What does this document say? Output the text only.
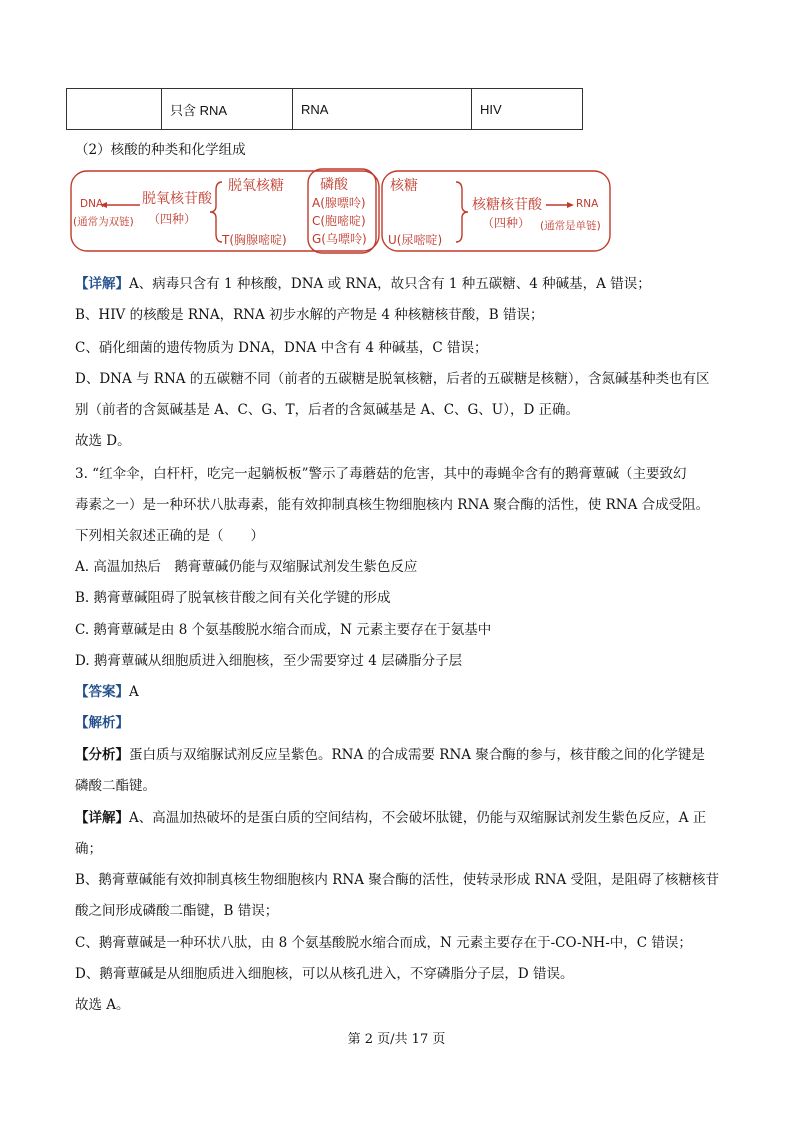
	只含 RNA	RNA	HIV
（2）核酸的种类和化学组成
DNA
(通常为双链)
脱氧核苷酸
（四种）
脱氧核糖
T(胸腺嘧啶)
磷酸
A(腺嘌呤)
C(胞嘧啶)
G(乌嘌呤)
核糖
U(尿嘧啶)
核糖核苷酸
（四种）
RNA
(通常是单链)
【详解】A、病毒只含有 1 种核酸，DNA 或 RNA，故只含有 1 种五碳糖、4 种碱基，A 错误；
B、HIV 的核酸是 RNA，RNA 初步水解的产物是 4 种核糖核苷酸，B 错误；
C、硝化细菌的遗传物质为 DNA，DNA 中含有 4 种碱基，C 错误；
D、DNA 与 RNA 的五碳糖不同（前者的五碳糖是脱氧核糖，后者的五碳糖是核糖），含氮碱基种类也有区
别（前者的含氮碱基是 A、C、G、T，后者的含氮碱基是 A、C、G、U），D 正确。
故选 D。
3. “红伞伞，白杆杆，吃完一起躺板板”警示了毒蘑菇的危害，其中的毒蝇伞含有的鹅膏蕈碱（主要致幻
毒素之一）是一种环状八肽毒素，能有效抑制真核生物细胞核内 RNA 聚合酶的活性，使 RNA 合成受阻。
下列相关叙述正确的是（　　）
A. 高温加热后　鹅膏蕈碱仍能与双缩脲试剂发生紫色反应
B. 鹅膏蕈碱阻碍了脱氧核苷酸之间有关化学键的形成
C. 鹅膏蕈碱是由 8 个氨基酸脱水缩合而成，N 元素主要存在于氨基中
D. 鹅膏蕈碱从细胞质进入细胞核，至少需要穿过 4 层磷脂分子层
【答案】A
【解析】
【分析】蛋白质与双缩脲试剂反应呈紫色。RNA 的合成需要 RNA 聚合酶的参与，核苷酸之间的化学键是
磷酸二酯键。
【详解】A、高温加热破坏的是蛋白质的空间结构，不会破坏肽键，仍能与双缩脲试剂发生紫色反应，A 正
确；
B、鹅膏蕈碱能有效抑制真核生物细胞核内 RNA 聚合酶的活性，使转录形成 RNA 受阻，是阻碍了核糖核苷
酸之间形成磷酸二酯键，B 错误；
C、鹅膏蕈碱是一种环状八肽，由 8 个氨基酸脱水缩合而成，N 元素主要存在于-CO-NH-中，C 错误；
D、鹅膏蕈碱是从细胞质进入细胞核，可以从核孔进入，不穿磷脂分子层，D 错误。
故选 A。
第 2 页/共 17 页
